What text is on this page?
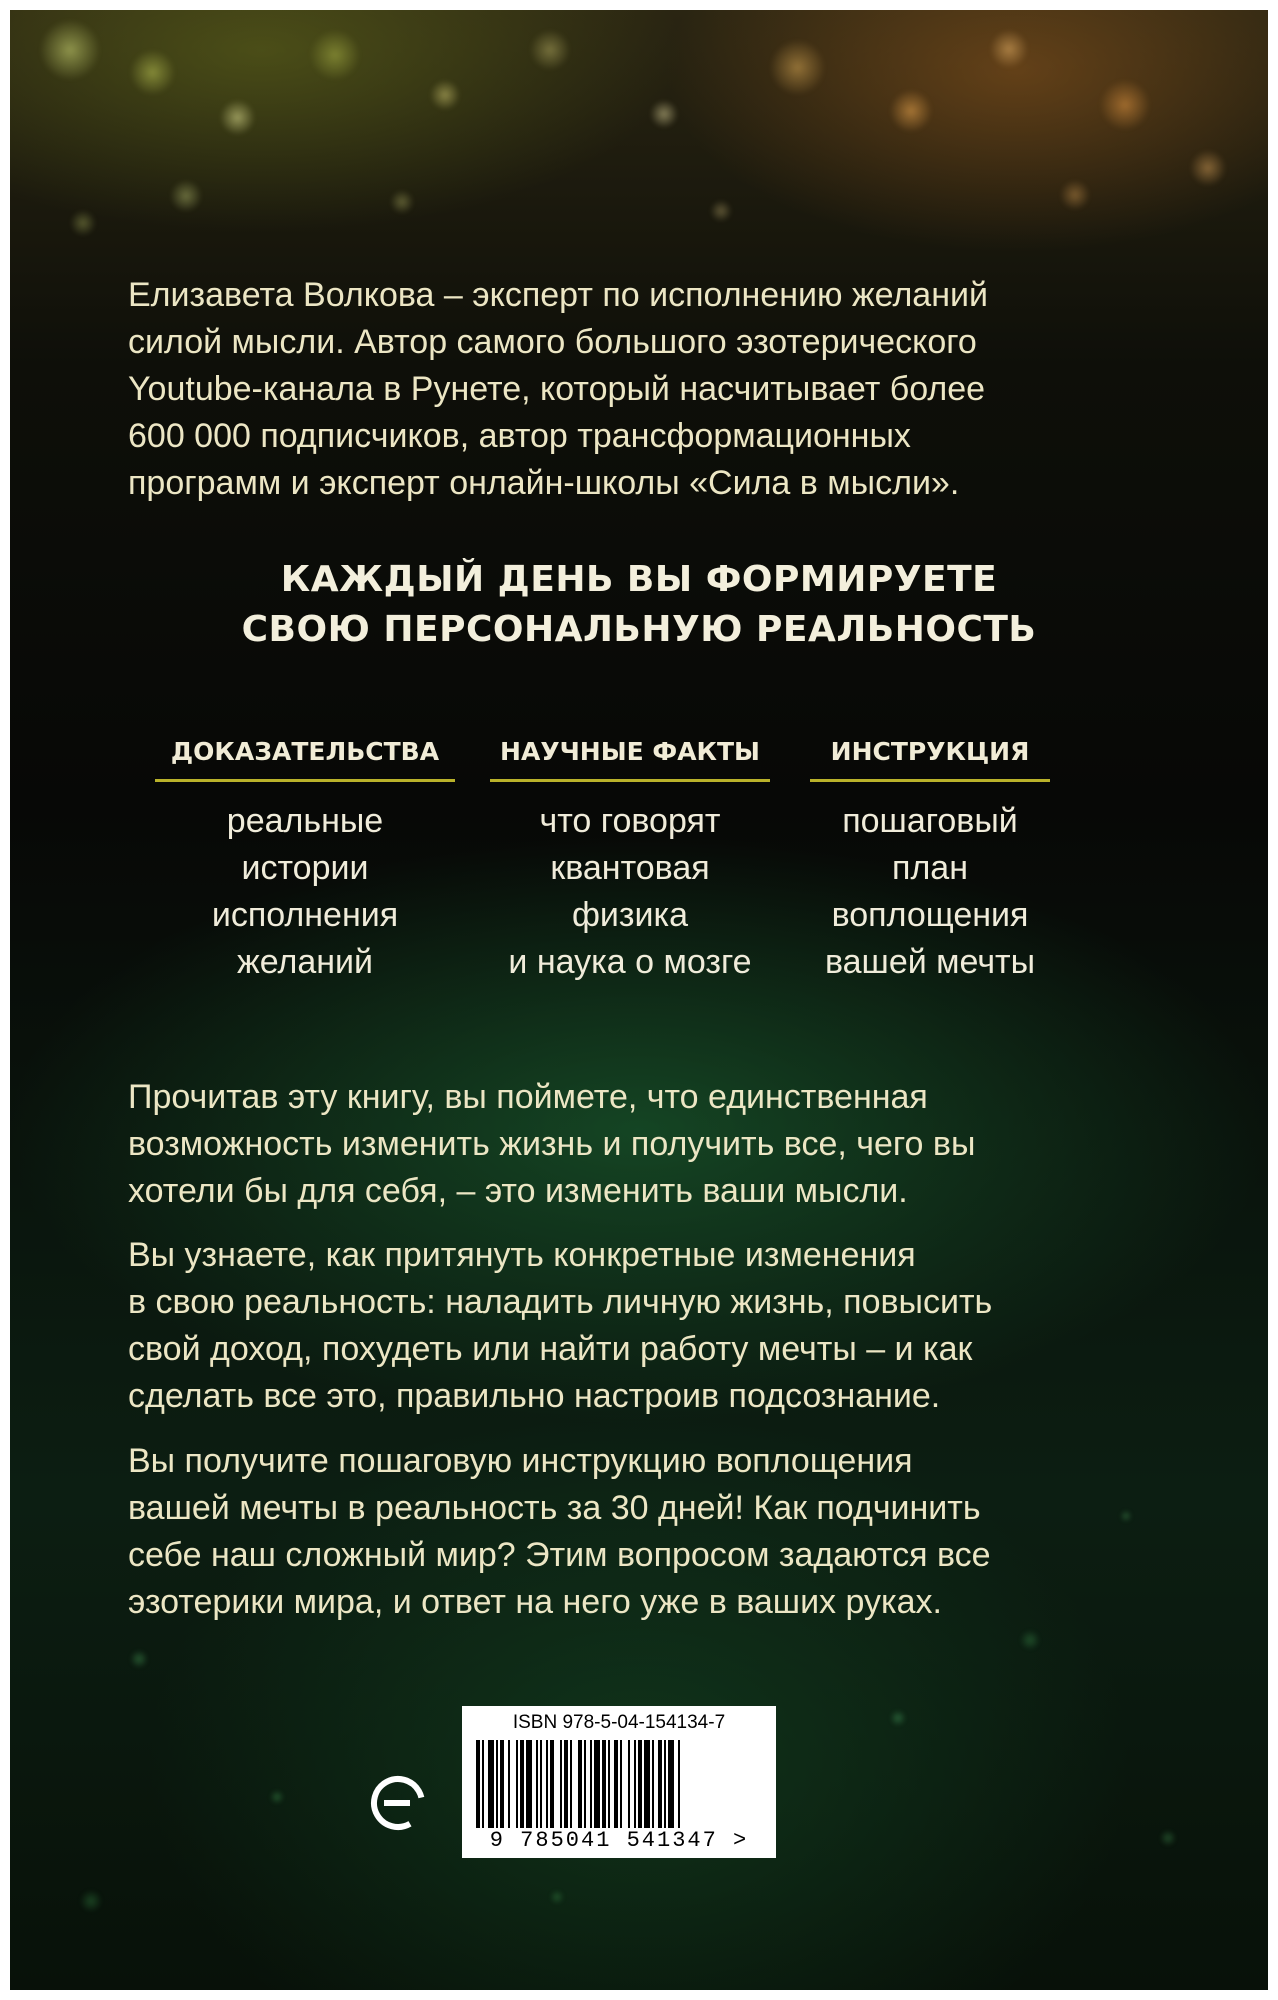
Елизавета Волкова – эксперт по исполнению желаний
силой мысли. Автор самого большого эзотерического
Youtube-канала в Рунете, который насчитывает более
600 000 подписчиков, автор трансформационных
программ и эксперт онлайн-школы «Сила в мысли».

КАЖДЫЙ ДЕНЬ ВЫ ФОРМИРУЕТЕ
СВОЮ ПЕРСОНАЛЬНУЮ РЕАЛЬНОСТЬ

ДОКАЗАТЕЛЬСТВА
реальные
истории
исполнения
желаний
НАУЧНЫЕ ФАКТЫ
что говорят
квантовая
физика
и наука о мозге
ИНСТРУКЦИЯ
пошаговый
план
воплощения
вашей мечты

Прочитав эту книгу, вы поймете, что единственная
возможность изменить жизнь и получить все, чего вы
хотели бы для себя, – это изменить ваши мысли.

Вы узнаете, как притянуть конкретные изменения
в свою реальность: наладить личную жизнь, повысить
свой доход, похудеть или найти работу мечты – и как
сделать все это, правильно настроив подсознание.

Вы получите пошаговую инструкцию воплощения
вашей мечты в реальность за 30 дней! Как подчинить
себе наш сложный мир? Этим вопросом задаются все
эзотерики мира, и ответ на него уже в ваших руках.

ISBN 978-5-04-154134-7
9 785041 541347 >
